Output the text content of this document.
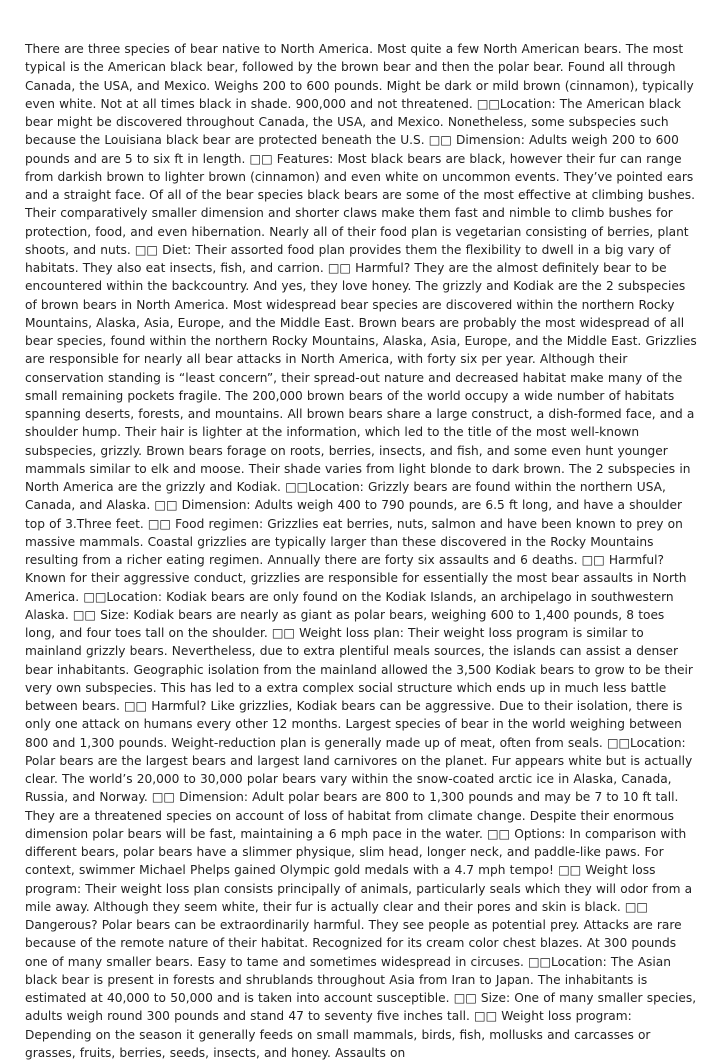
There are three species of bear native to North America. Most quite a few North American bears. The most typical is the American black bear, followed by the brown bear and then the polar bear. Found all through Canada, the USA, and Mexico. Weighs 200 to 600 pounds. Might be dark or mild brown (cinnamon), typically even white. Not at all times black in shade. 900,000 and not threatened. □□Location: The American black bear might be discovered throughout Canada, the USA, and Mexico. Nonetheless, some subspecies such because the Louisiana black bear are protected beneath the U.S. □□ Dimension: Adults weigh 200 to 600 pounds and are 5 to six ft in length. □□ Features: Most black bears are black, however their fur can range from darkish brown to lighter brown (cinnamon) and even white on uncommon events. They’ve pointed ears and a straight face. Of all of the bear species black bears are some of the most effective at climbing bushes. Their comparatively smaller dimension and shorter claws make them fast and nimble to climb bushes for protection, food, and even hibernation. Nearly all of their food plan is vegetarian consisting of berries, plant shoots, and nuts. □□ Diet: Their assorted food plan provides them the flexibility to dwell in a big vary of habitats. They also eat insects, fish, and carrion. □□ Harmful? They are the almost definitely bear to be encountered within the backcountry. And yes, they love honey. The grizzly and Kodiak are the 2 subspecies of brown bears in North America. Most widespread bear species are discovered within the northern Rocky Mountains, Alaska, Asia, Europe, and the Middle East. Brown bears are probably the most widespread of all bear species, found within the northern Rocky Mountains, Alaska, Asia, Europe, and the Middle East. Grizzlies are responsible for nearly all bear attacks in North America, with forty six per year. Although their conservation standing is “least concern”, their spread-out nature and decreased habitat make many of the small remaining pockets fragile. The 200,000 brown bears of the world occupy a wide number of habitats spanning deserts, forests, and mountains. All brown bears share a large construct, a dish-formed face, and a shoulder hump. Their hair is lighter at the information, which led to the title of the most well-known subspecies, grizzly. Brown bears forage on roots, berries, insects, and fish, and some even hunt younger mammals similar to elk and moose. Their shade varies from light blonde to dark brown. The 2 subspecies in North America are the grizzly and Kodiak. □□Location: Grizzly bears are found within the northern USA, Canada, and Alaska. □□ Dimension: Adults weigh 400 to 790 pounds, are 6.5 ft long, and have a shoulder top of 3.Three feet. □□ Food regimen: Grizzlies eat berries, nuts, salmon and have been known to prey on massive mammals. Coastal grizzlies are typically larger than these discovered in the Rocky Mountains resulting from a richer eating regimen. Annually there are forty six assaults and 6 deaths. □□ Harmful? Known for their aggressive conduct, grizzlies are responsible for essentially the most bear assaults in North America. □□Location: Kodiak bears are only found on the Kodiak Islands, an archipelago in southwestern Alaska. □□ Size: Kodiak bears are nearly as giant as polar bears, weighing 600 to 1,400 pounds, 8 toes long, and four toes tall on the shoulder. □□ Weight loss plan: Their weight loss program is similar to mainland grizzly bears. Nevertheless, due to extra plentiful meals sources, the islands can assist a denser bear inhabitants. Geographic isolation from the mainland allowed the 3,500 Kodiak bears to grow to be their very own subspecies. This has led to a extra complex social structure which ends up in much less battle between bears. □□ Harmful? Like grizzlies, Kodiak bears can be aggressive. Due to their isolation, there is only one attack on humans every other 12 months. Largest species of bear in the world weighing between 800 and 1,300 pounds. Weight-reduction plan is generally made up of meat, often from seals. □□Location: Polar bears are the largest bears and largest land carnivores on the planet. Fur appears white but is actually clear. The world’s 20,000 to 30,000 polar bears vary within the snow-coated arctic ice in Alaska, Canada, Russia, and Norway. □□ Dimension: Adult polar bears are 800 to 1,300 pounds and may be 7 to 10 ft tall. They are a threatened species on account of loss of habitat from climate change. Despite their enormous dimension polar bears will be fast, maintaining a 6 mph pace in the water. □□ Options: In comparison with different bears, polar bears have a slimmer physique, slim head, longer neck, and paddle-like paws. For context, swimmer Michael Phelps gained Olympic gold medals with a 4.7 mph tempo! □□ Weight loss program: Their weight loss plan consists principally of animals, particularly seals which they will odor from a mile away. Although they seem white, their fur is actually clear and their pores and skin is black. □□ Dangerous? Polar bears can be extraordinarily harmful. They see people as potential prey. Attacks are rare because of the remote nature of their habitat. Recognized for its cream color chest blazes. At 300 pounds one of many smaller bears. Easy to tame and sometimes widespread in circuses. □□Location: The Asian black bear is present in forests and shrublands throughout Asia from Iran to Japan. The inhabitants is estimated at 40,000 to 50,000 and is taken into account susceptible. □□ Size: One of many smaller species, adults weigh round 300 pounds and stand 47 to seventy five inches tall. □□ Weight loss program: Depending on the season it generally feeds on small mammals, birds, fish, mollusks and carcasses or grasses, fruits, berries, seeds, insects, and honey. Assaults on
